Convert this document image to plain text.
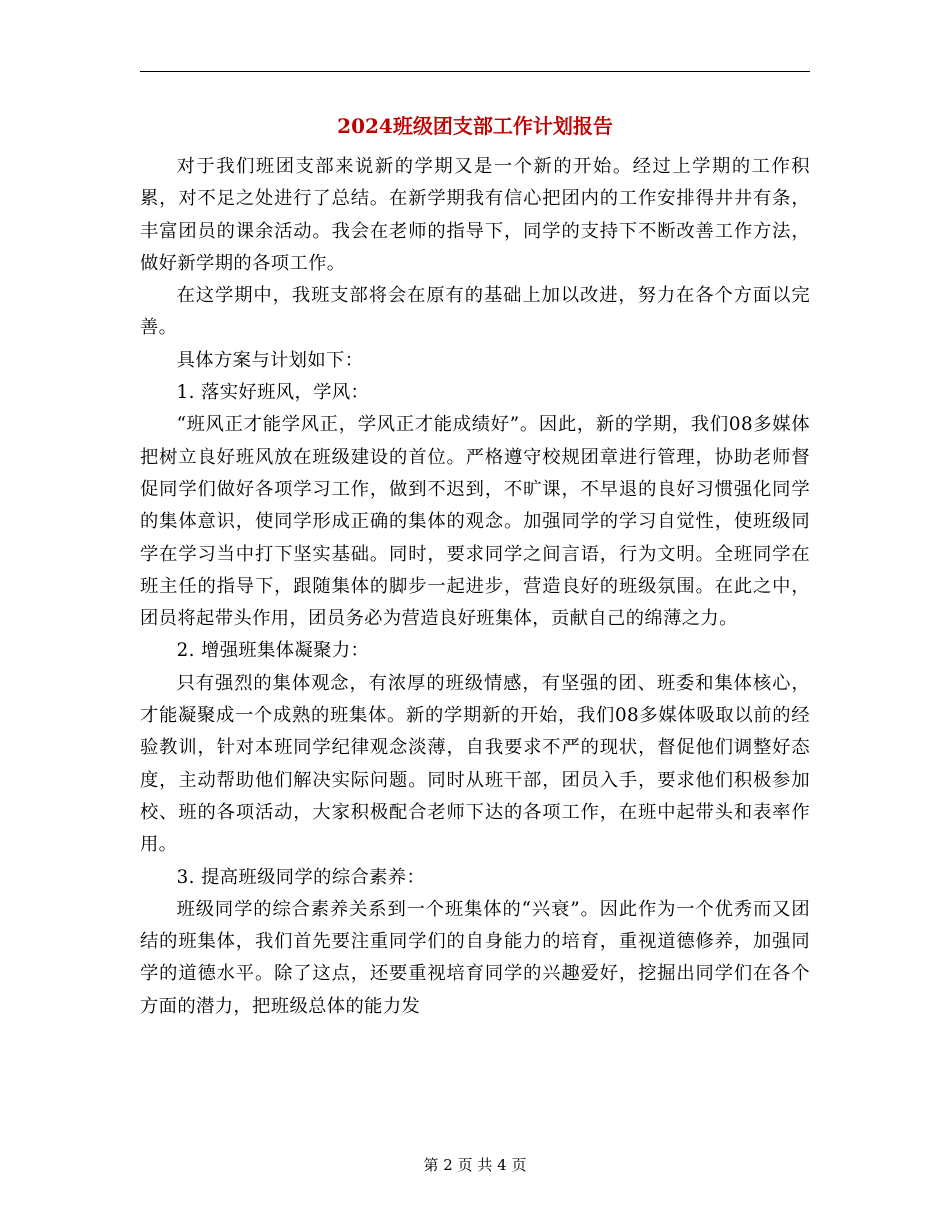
2024班级团支部工作计划报告

对于我们班团支部来说新的学期又是一个新的开始。经过上学期的工作积累，对不足之处进行了总结。在新学期我有信心把团内的工作安排得井井有条，丰富团员的课余活动。我会在老师的指导下，同学的支持下不断改善工作方法，做好新学期的各项工作。

在这学期中，我班支部将会在原有的基础上加以改进，努力在各个方面以完善。

具体方案与计划如下：

1. 落实好班风，学风：

“班风正才能学风正，学风正才能成绩好”。因此，新的学期，我们08多媒体把树立良好班风放在班级建设的首位。严格遵守校规团章进行管理，协助老师督促同学们做好各项学习工作，做到不迟到，不旷课，不早退的良好习惯强化同学的集体意识，使同学形成正确的集体的观念。加强同学的学习自觉性，使班级同学在学习当中打下坚实基础。同时，要求同学之间言语，行为文明。全班同学在班主任的指导下，跟随集体的脚步一起进步，营造良好的班级氛围。在此之中，团员将起带头作用，团员务必为营造良好班集体，贡献自己的绵薄之力。

2. 增强班集体凝聚力：

只有强烈的集体观念，有浓厚的班级情感，有坚强的团、班委和集体核心，才能凝聚成一个成熟的班集体。新的学期新的开始，我们08多媒体吸取以前的经验教训，针对本班同学纪律观念淡薄，自我要求不严的现状，督促他们调整好态度，主动帮助他们解决实际问题。同时从班干部，团员入手，要求他们积极参加校、班的各项活动，大家积极配合老师下达的各项工作，在班中起带头和表率作用。

3. 提高班级同学的综合素养：

班级同学的综合素养关系到一个班集体的“兴衰”。因此作为一个优秀而又团结的班集体，我们首先要注重同学们的自身能力的培育，重视道德修养，加强同学的道德水平。除了这点，还要重视培育同学的兴趣爱好，挖掘出同学们在各个方面的潜力，把班级总体的能力发

第 2 页 共 4 页
